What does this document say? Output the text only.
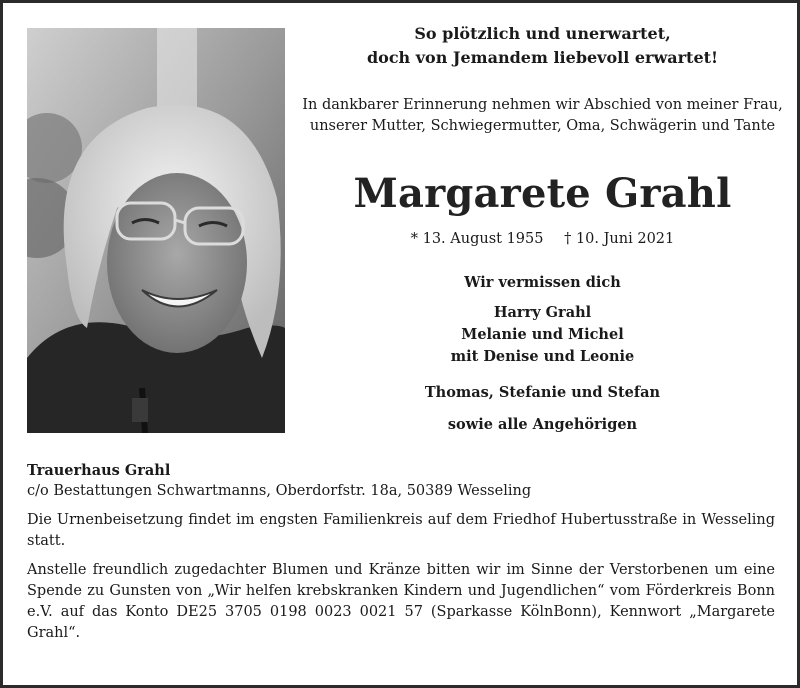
So plötzlich und unerwartet,
doch von Jemandem liebevoll erwartet!
In dankbarer Erinnerung nehmen wir Abschied von meiner Frau,
unserer Mutter, Schwiegermutter, Oma, Schwägerin und Tante
Margarete Grahl
* 13. August 1955 † 10. Juni 2021
Wir vermissen dich
Harry Grahl
Melanie und Michel
mit Denise und Leonie
Thomas, Stefanie und Stefan
sowie alle Angehörigen
Trauerhaus Grahl
c/o Bestattungen Schwartmanns, Oberdorfstr. 18a, 50389 Wesseling
Die Urnenbeisetzung findet im engsten Familienkreis auf dem Friedhof Hubertusstraße in Wesseling statt.
Anstelle freundlich zugedachter Blumen und Kränze bitten wir im Sinne der Verstorbenen um eine Spende zu Gunsten von „Wir helfen krebskranken Kindern und Jugendlichen“ vom Förderkreis Bonn e.V. auf das Konto DE25 3705 0198 0023 0021 57 (Sparkasse KölnBonn), Kennwort „Margarete Grahl“.
